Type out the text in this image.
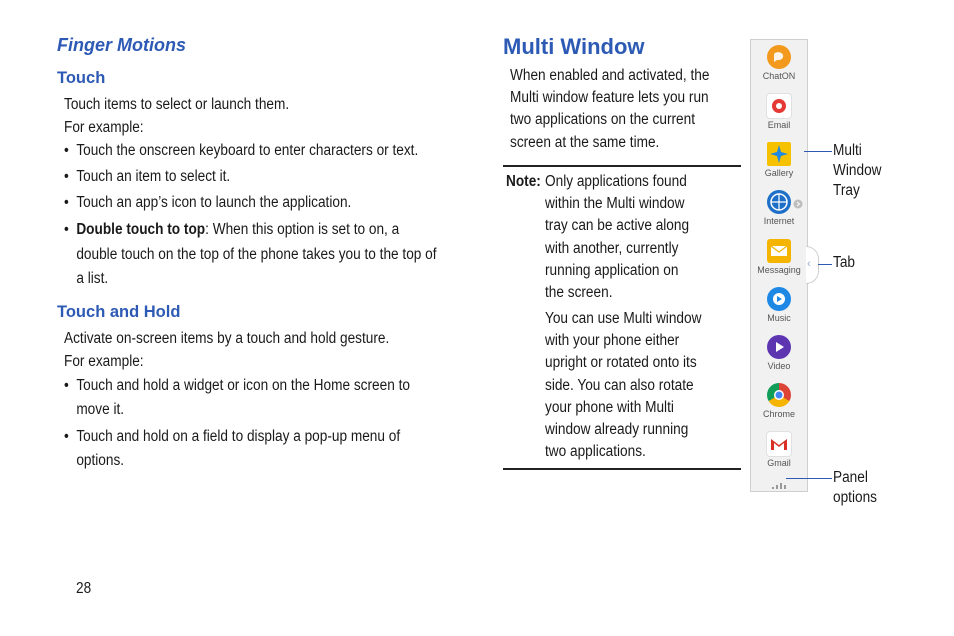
Finger Motions
Touch
Touch items to select or launch them.
For example:
• Touch the onscreen keyboard to enter characters or text.
• Touch an item to select it.
• Touch an app’s icon to launch the application.
• Double touch to top: When this option is set to on, a
double touch on the top of the phone takes you to the top of
a list.
Touch and Hold
Activate on-screen items by a touch and hold gesture.
For example:
• Touch and hold a widget or icon on the Home screen to
move it.
• Touch and hold on a field to display a pop-up menu of
options.
28
Multi Window
When enabled and activated, the
Multi window feature lets you run
two applications on the current
screen at the same time.
Note: Only applications found
within the Multi window
tray can be active along
with another, currently
running application on
the screen.
You can use Multi window
with your phone either
upright or rotated onto its
side. You can also rotate
your phone with Multi
window already running
two applications.
ChatON
Email
Gallery
Internet
Messaging
Music
Video
Chrome
Gmail
‹
Multi
Window
Tray
Tab
Panel
options
